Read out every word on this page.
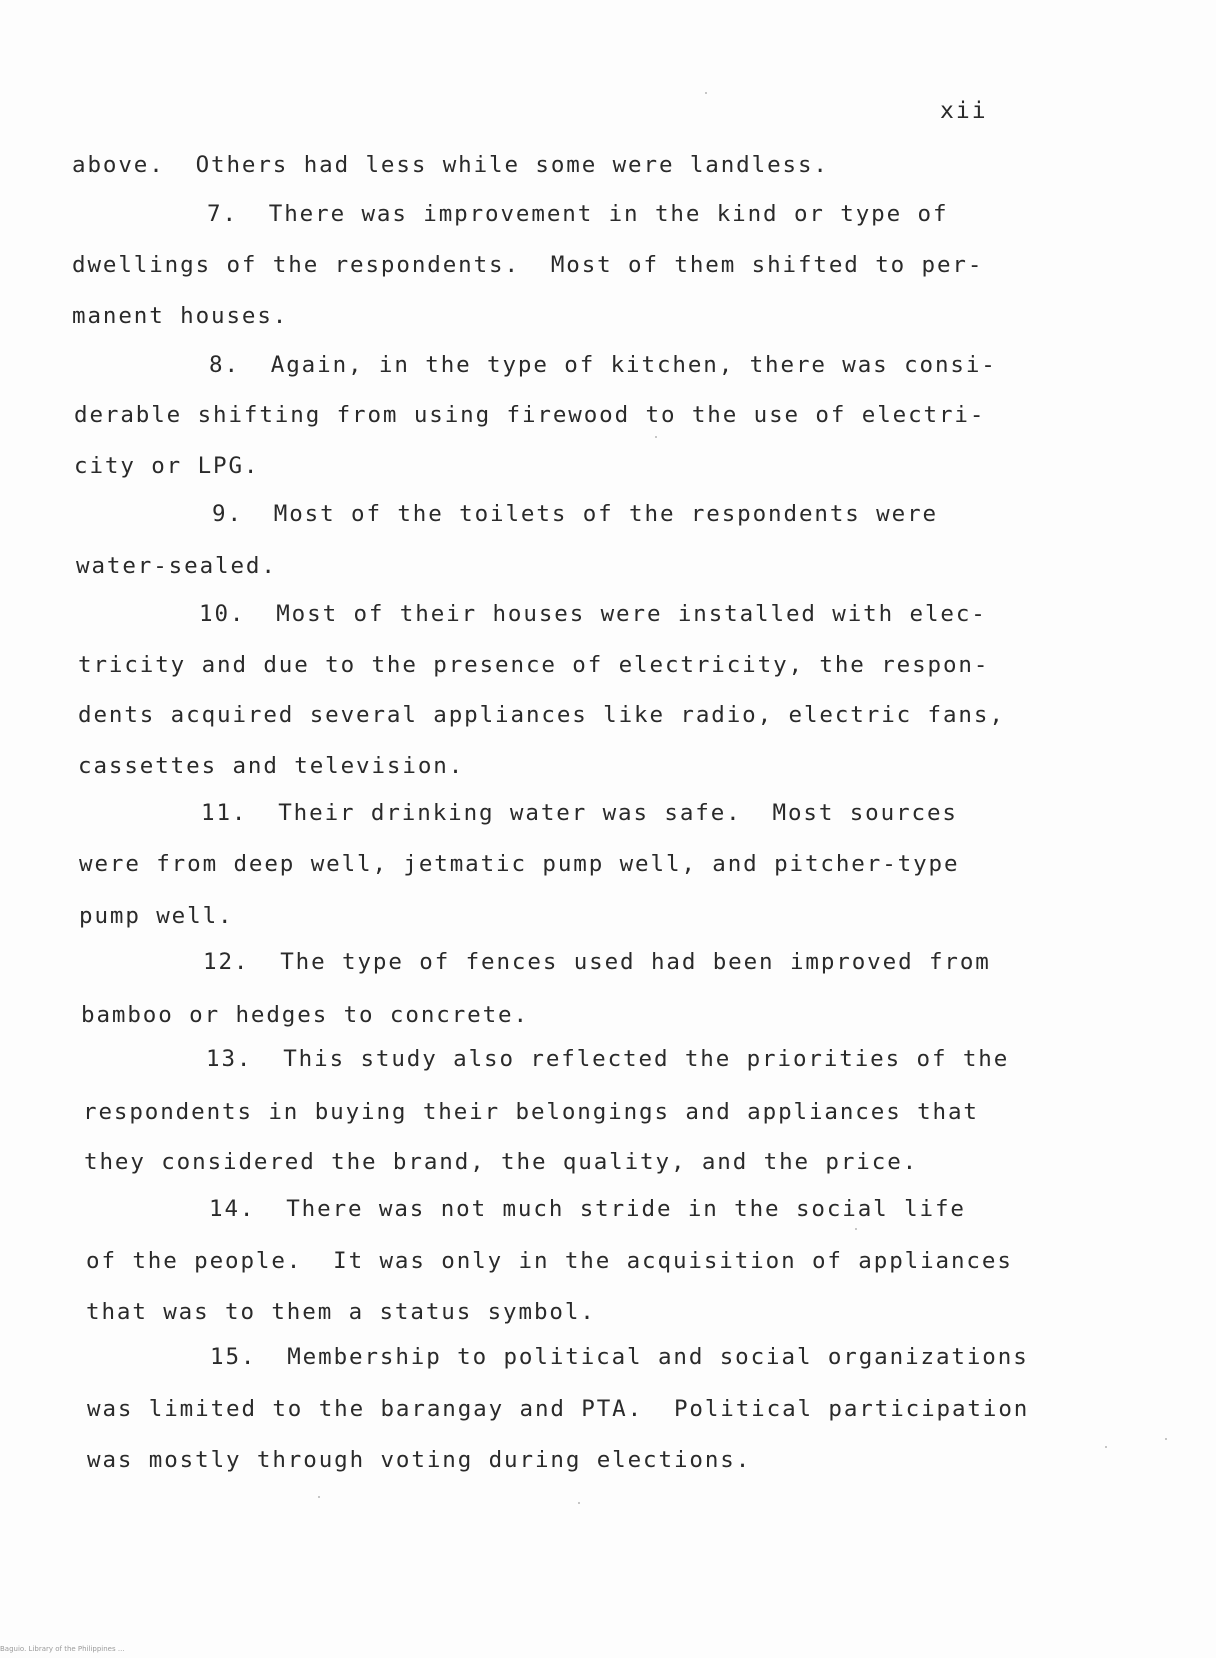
xii
above.  Others had less while some were landless.
7.  There was improvement in the kind or type of
dwellings of the respondents.  Most of them shifted to per-
manent houses.
8.  Again, in the type of kitchen, there was consi-
derable shifting from using firewood to the use of electri-
city or LPG.
9.  Most of the toilets of the respondents were
water-sealed.
10.  Most of their houses were installed with elec-
tricity and due to the presence of electricity, the respon-
dents acquired several appliances like radio, electric fans,
cassettes and television.
11.  Their drinking water was safe.  Most sources
were from deep well, jetmatic pump well, and pitcher-type
pump well.
12.  The type of fences used had been improved from
bamboo or hedges to concrete.
13.  This study also reflected the priorities of the
respondents in buying their belongings and appliances that
they considered the brand, the quality, and the price.
14.  There was not much stride in the social life
of the people.  It was only in the acquisition of appliances
that was to them a status symbol.
15.  Membership to political and social organizations
was limited to the barangay and PTA.  Political participation
was mostly through voting during elections.
Baguio. Library of the Philippines ...
